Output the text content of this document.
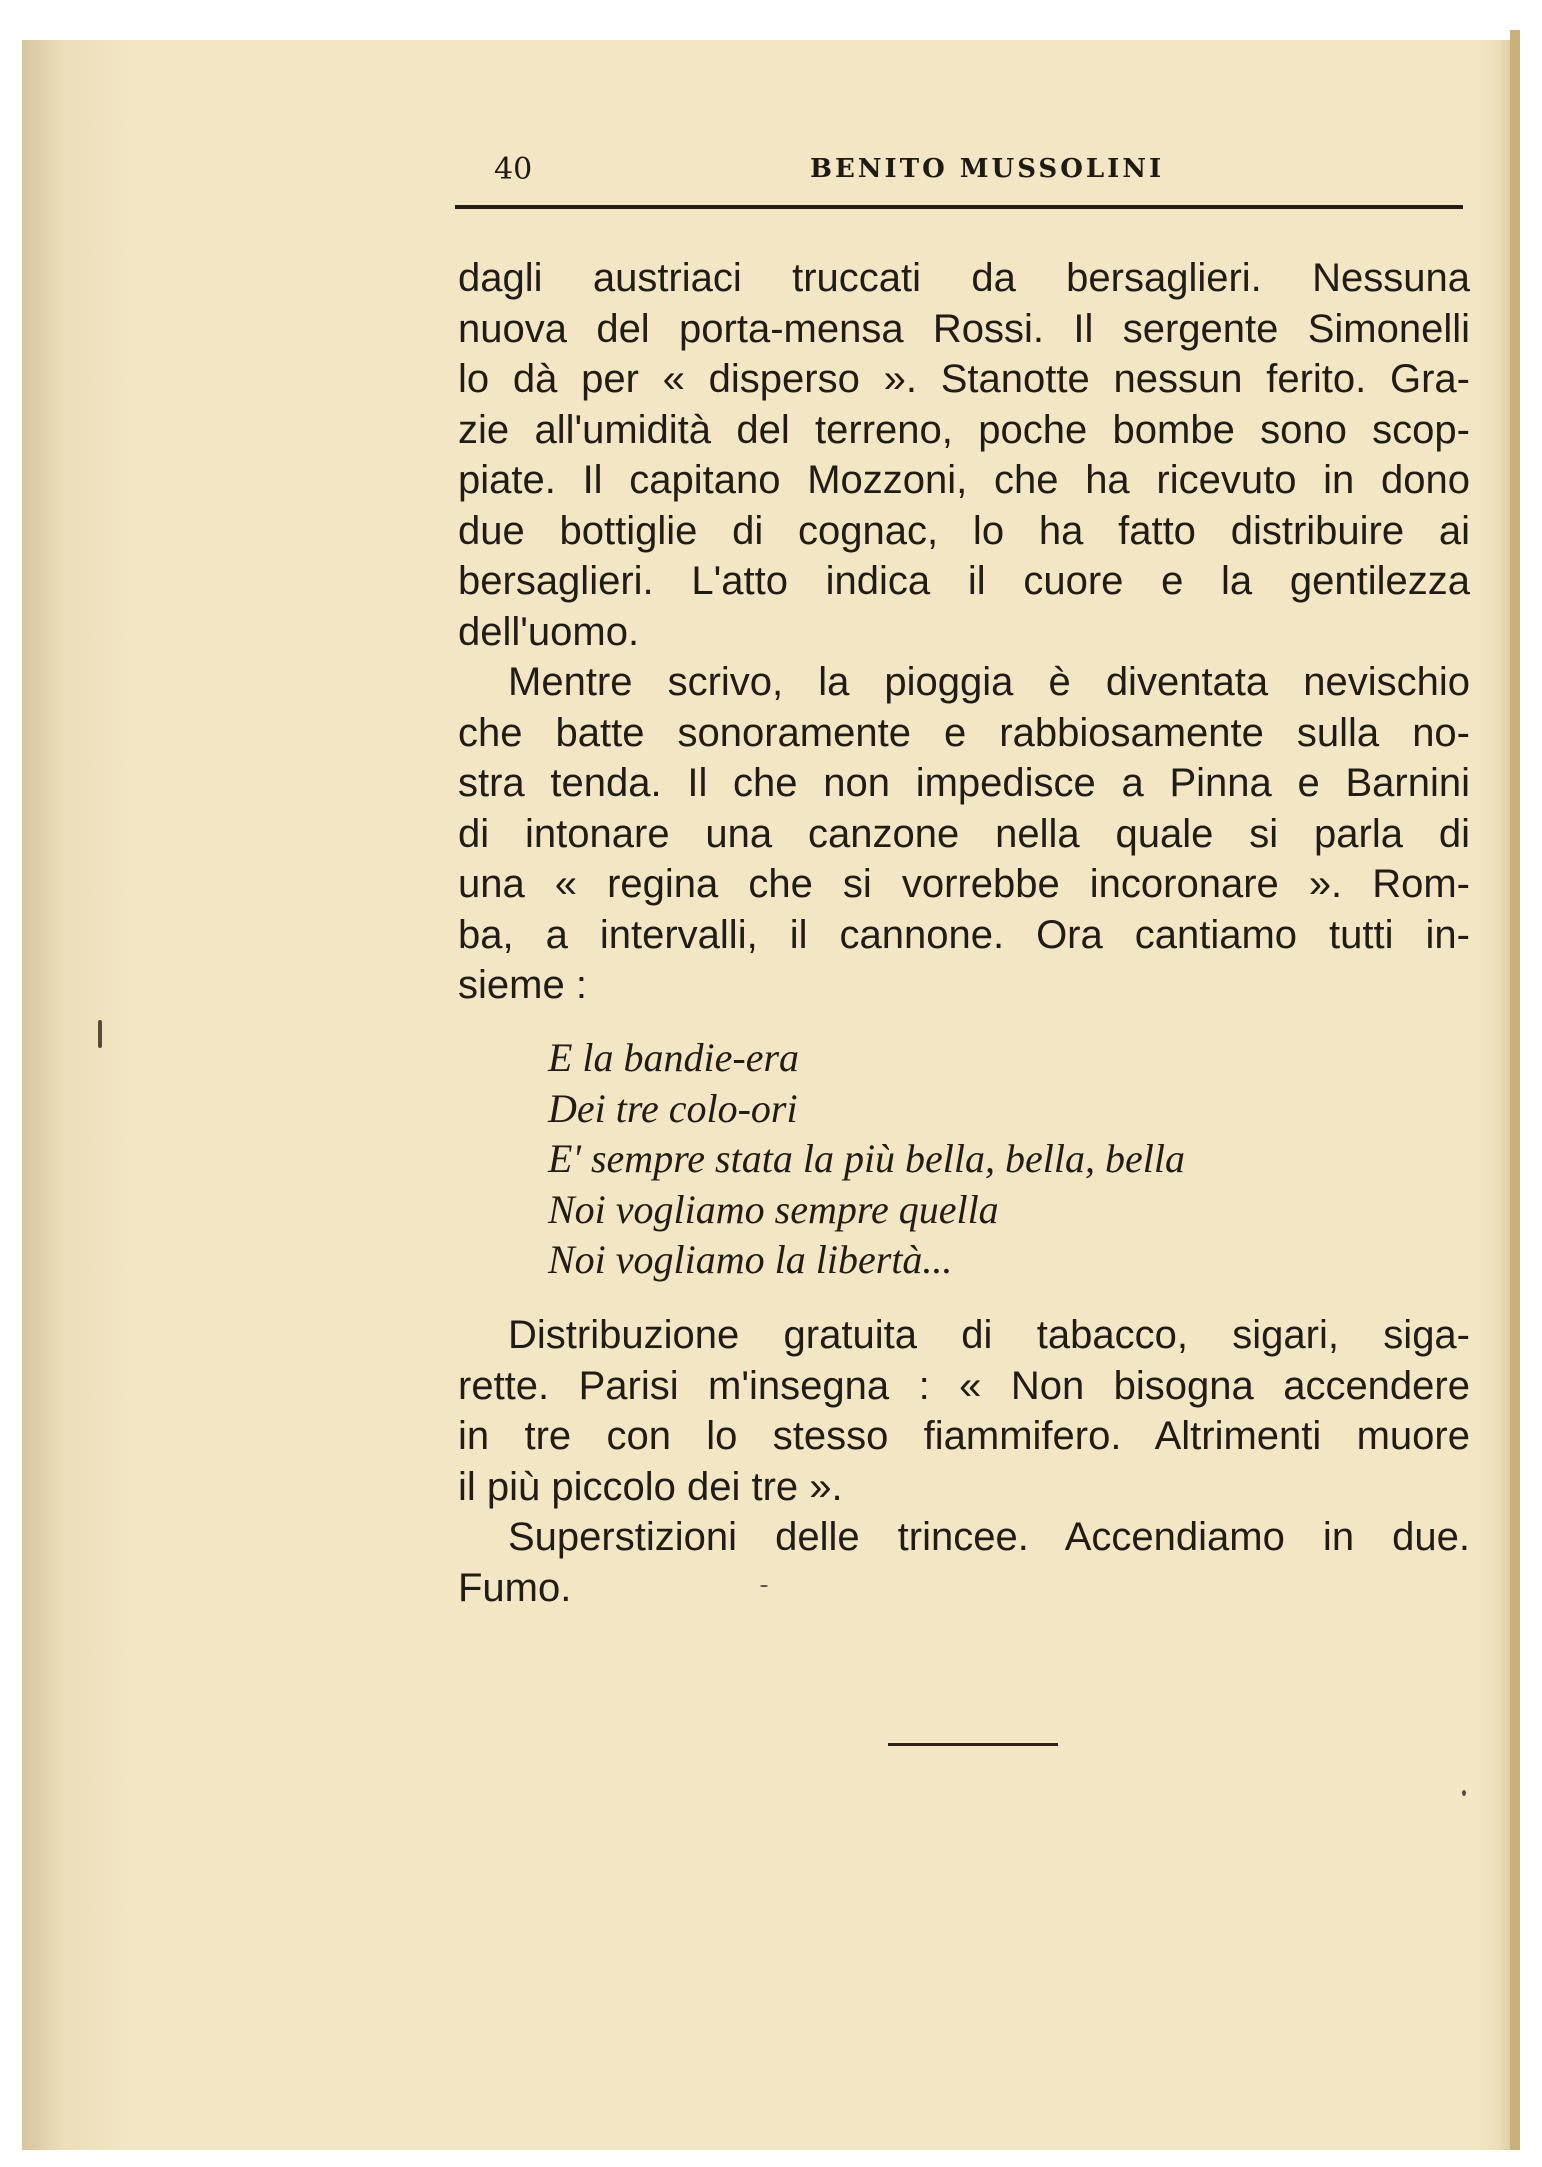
40	BENITO MUSSOLINI
dagli austriaci truccati da bersaglieri. Nessuna
nuova del porta-mensa Rossi. Il sergente Simonelli
lo dà per « disperso ». Stanotte nessun ferito. Gra-
zie all'umidità del terreno, poche bombe sono scop-
piate. Il capitano Mozzoni, che ha ricevuto in dono
due bottiglie di cognac, lo ha fatto distribuire ai
bersaglieri. L'atto indica il cuore e la gentilezza
dell'uomo.
Mentre scrivo, la pioggia è diventata nevischio
che batte sonoramente e rabbiosamente sulla no-
stra tenda. Il che non impedisce a Pinna e Barnini
di intonare una canzone nella quale si parla di
una « regina che si vorrebbe incoronare ». Rom-
ba, a intervalli, il cannone. Ora cantiamo tutti in-
sieme :
E la bandie-era
Dei tre colo-ori
E' sempre stata la più bella, bella, bella
Noi vogliamo sempre quella
Noi vogliamo la libertà...
Distribuzione gratuita di tabacco, sigari, siga-
rette. Parisi m'insegna : « Non bisogna accendere
in tre con lo stesso fiammifero. Altrimenti muore
il più piccolo dei tre ».
Superstizioni delle trincee. Accendiamo in due.
Fumo.
